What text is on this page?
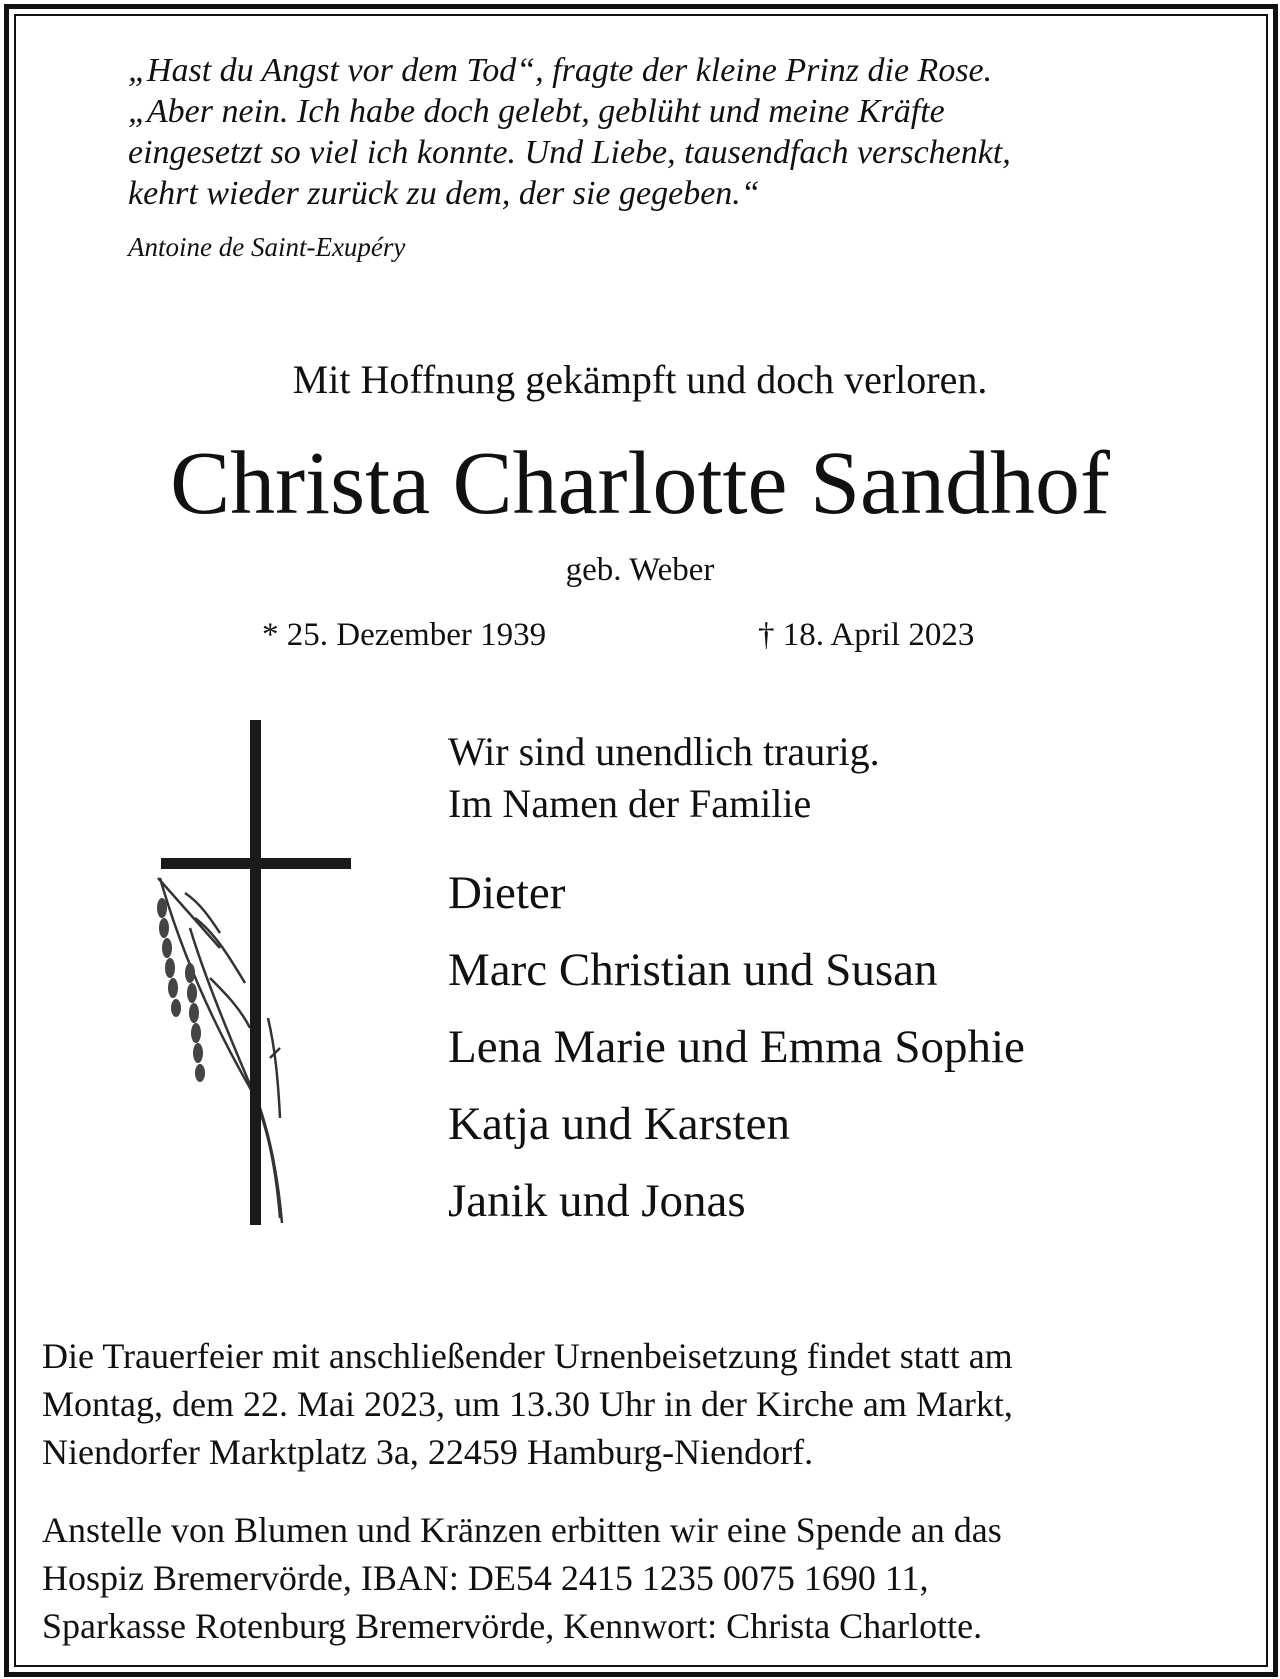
„Hast du Angst vor dem Tod“, fragte der kleine Prinz die Rose.

„Aber nein. Ich habe doch gelebt, geblüht und meine Kräfte

eingesetzt so viel ich konnte. Und Liebe, tausendfach verschenkt,

kehrt wieder zurück zu dem, der sie gegeben.“

Antoine de Saint-Exupéry
Mit Hoffnung gekämpft und doch verloren.
Christa Charlotte Sandhof
geb. Weber
* 25. Dezember 1939	† 18. April 2023

Wir sind unendlich traurig.

Im Namen der Familie

Dieter

Marc Christian und Susan

Lena Marie und Emma Sophie

Katja und Karsten

Janik und Jonas

Die Trauerfeier mit anschließender Urnenbeisetzung findet statt am

Montag, dem 22. Mai 2023, um 13.30 Uhr in der Kirche am Markt,

Niendorfer Marktplatz 3a, 22459 Hamburg-Niendorf.

Anstelle von Blumen und Kränzen erbitten wir eine Spende an das

Hospiz Bremervörde, IBAN: DE54 2415 1235 0075 1690 11,

Sparkasse Rotenburg Bremervörde, Kennwort: Christa Charlotte.
